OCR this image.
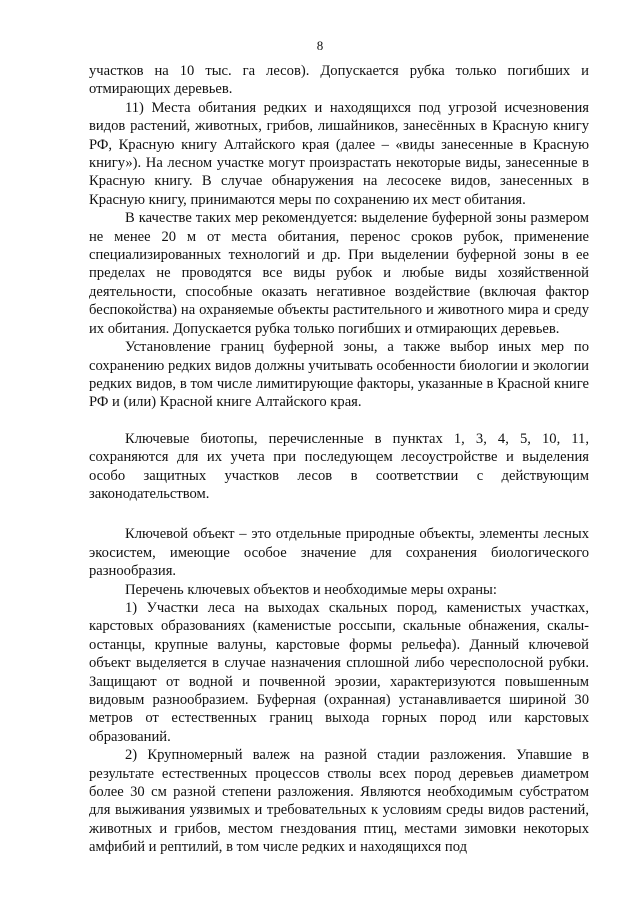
8

участков на 10 тыс. га лесов). Допускается рубка только погибших и отмирающих деревьев.

11) Места обитания редких и находящихся под угрозой исчезновения видов растений, животных, грибов, лишайников, занесённых в Красную книгу РФ, Красную книгу Алтайского края (далее – «виды занесенные в Красную книгу»). На лесном участке могут произрастать некоторые виды, занесенные в Красную книгу. В случае обнаружения на лесосеке видов, занесенных в Красную книгу, принимаются меры по сохранению их мест обитания.

В качестве таких мер рекомендуется: выделение буферной зоны размером не менее 20 м от места обитания, перенос сроков рубок, применение специализированных технологий и др. При выделении буферной зоны в ее пределах не проводятся все виды рубок и любые виды хозяйственной деятельности, способные оказать негативное воздействие (включая фактор беспокойства) на охраняемые объекты растительного и животного мира и среду их обитания. Допускается рубка только погибших и отмирающих деревьев.

Установление границ буферной зоны, а также выбор иных мер по сохранению редких видов должны учитывать особенности биологии и экологии редких видов, в том числе лимитирующие факторы, указанные в Красной книге РФ и (или) Красной книге Алтайского края.

Ключевые биотопы, перечисленные в пунктах 1, 3, 4, 5, 10, 11, сохраняются для их учета при последующем лесоустройстве и выделения особо защитных участков лесов в соответствии с действующим законодательством.

Ключевой объект – это отдельные природные объекты, элементы лесных экосистем, имеющие особое значение для сохранения биологического разнообразия.

Перечень ключевых объектов и необходимые меры охраны:

1) Участки леса на выходах скальных пород, каменистых участках, карстовых образованиях (каменистые россыпи, скальные обнажения, скалы-останцы, крупные валуны, карстовые формы рельефа). Данный ключевой объект выделяется в случае назначения сплошной либо чересполосной рубки. Защищают от водной и почвенной эрозии, характеризуются повышенным видовым разнообразием. Буферная (охранная) устанавливается шириной 30 метров от естественных границ выхода горных пород или карстовых образований.

2) Крупномерный валеж на разной стадии разложения. Упавшие в результате естественных процессов стволы всех пород деревьев диаметром более 30 см разной степени разложения. Являются необходимым субстратом для выживания уязвимых и требовательных к условиям среды видов растений, животных и грибов, местом гнездования птиц, местами зимовки некоторых амфибий и рептилий, в том числе редких и находящихся под
